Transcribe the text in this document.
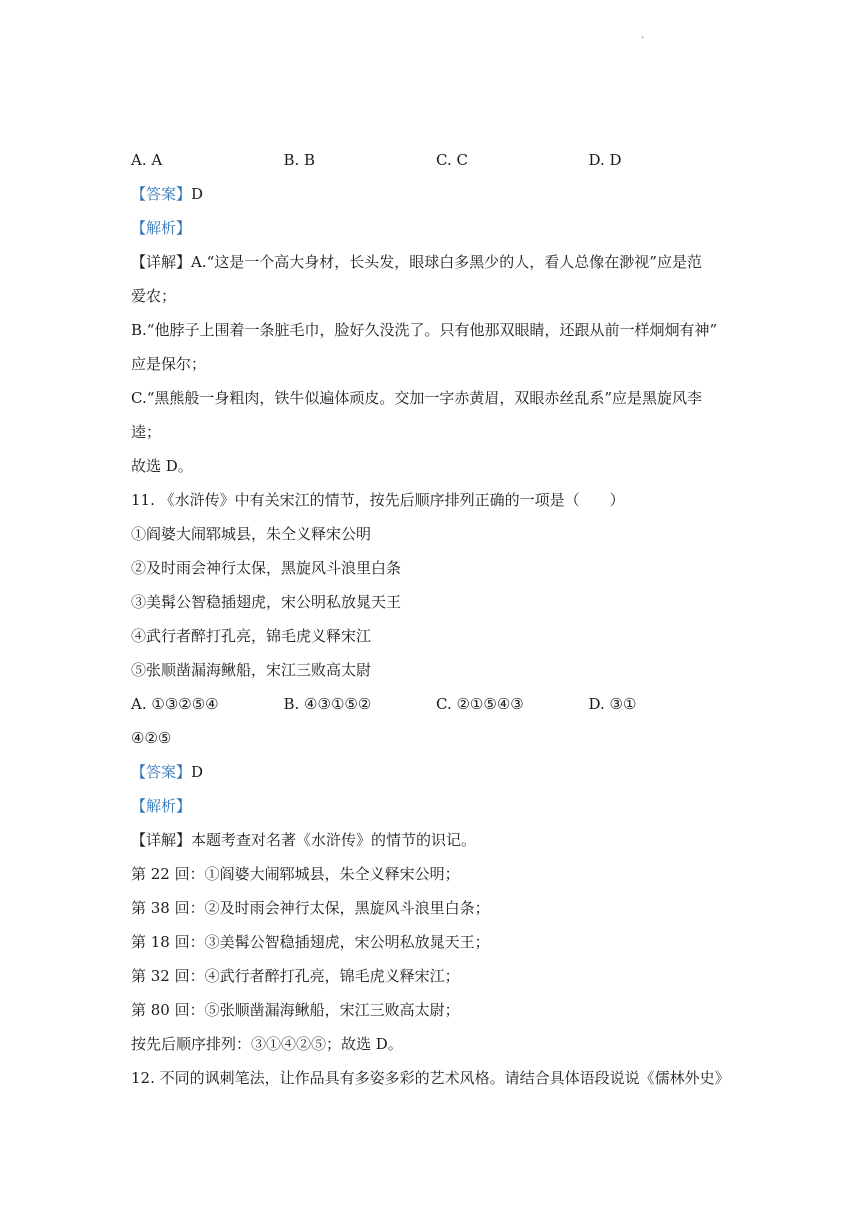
.
A. A	B. B	C. C	D. D
【答案】D
【解析】
【详解】A.“这是一个高大身材，长头发，眼球白多黑少的人，看人总像在渺视”应是范
爱农；
B.“他脖子上围着一条脏毛巾，脸好久没洗了。只有他那双眼睛，还跟从前一样炯炯有神”
应是保尔；
C.“黑熊般一身粗肉，铁牛似遍体顽皮。交加一字赤黄眉，双眼赤丝乱系”应是黑旋风李
逵；
故选 D。
11. 《水浒传》中有关宋江的情节，按先后顺序排列正确的一项是（　　）
①阎婆大闹郓城县，朱仝义释宋公明
②及时雨会神行太保，黑旋风斗浪里白条
③美髯公智稳插翅虎，宋公明私放晁天王
④武行者醉打孔亮，锦毛虎义释宋江
⑤张顺凿漏海鳅船，宋江三败高太尉
A. ①③②⑤④	B. ④③①⑤②	C. ②①⑤④③	D. ③①
④②⑤
【答案】D
【解析】
【详解】本题考查对名著《水浒传》的情节的识记。
第 22 回：①阎婆大闹郓城县，朱仝义释宋公明；
第 38 回：②及时雨会神行太保，黑旋风斗浪里白条；
第 18 回：③美髯公智稳插翅虎，宋公明私放晁天王；
第 32 回：④武行者醉打孔亮，锦毛虎义释宋江；
第 80 回：⑤张顺凿漏海鳅船，宋江三败高太尉；
按先后顺序排列：③①④②⑤；故选 D。
12. 不同的讽刺笔法，让作品具有多姿多彩的艺术风格。请结合具体语段说说《儒林外史》
